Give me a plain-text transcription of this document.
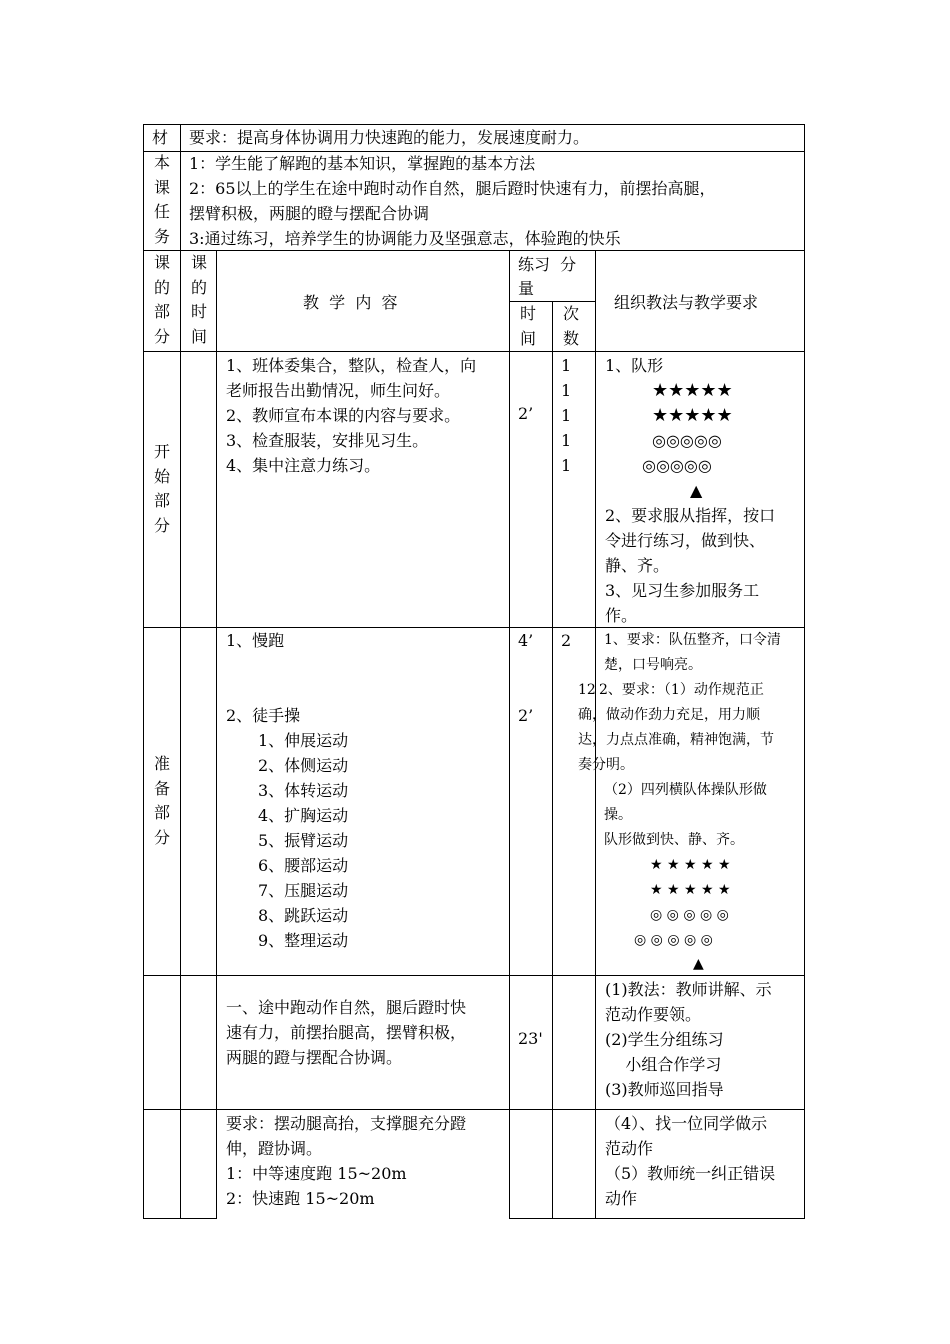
材 要求：提高身体协调用力快速跑的能力，发展速度耐力。
本
课
任
务
1：学生能了解跑的基本知识，掌握跑的基本方法
2：65以上的学生在途中跑时动作自然，腿后蹬时快速有力，前摆抬高腿，
摆臂积极，两腿的瞪与摆配合协调
3:通过练习，培养学生的协调能力及坚强意志，体验跑的快乐
课
的
部
分
课
的
时
间
教  学  内  容
练习  分
量
时
间
次
数
组织教法与教学要求
开
始
部
分
1、班体委集合，整队，检查人，向
老师报告出勤情况，师生问好。
2、教师宣布本课的内容与要求。
3、检查服装，安排见习生。
4、集中注意力练习。
2’
1
1
1
1
1
1、队形
★★★★★
★★★★★
◎◎◎◎◎
◎◎◎◎◎
▲
2、要求服从指挥，按口
令进行练习，做到快、
静、齐。
3、见习生参加服务工
作。
准
备
部
分
1、慢跑
2、徒手操
1、伸展运动
2、体侧运动
3、体转运动
4、扩胸运动
5、振臂运动
6、腰部运动
7、压腿运动
8、跳跃运动
9、整理运动
4’
2’
2
12
1、要求：队伍整齐，口令清
楚，口号响亮。
2、要求：（1）动作规范正
确，做动作劲力充足，用力顺
达，力点点准确，精神饱满，节
奏分明。
（2）四列横队体操队形做
操。
队形做到快、静、齐。
★ ★ ★ ★ ★
★ ★ ★ ★ ★
◎ ◎ ◎ ◎ ◎
◎ ◎ ◎ ◎ ◎
▲
一、途中跑动作自然，腿后蹬时快
速有力，前摆抬腿高，摆臂积极，
两腿的蹬与摆配合协调。
23'
(1)教法：教师讲解、示
范动作要领。
(2)学生分组练习
小组合作学习
(3)教师巡回指导
要求：摆动腿高抬，支撑腿充分蹬
伸，蹬协调。
1：中等速度跑 15~20m
2：快速跑 15~20m
（4）、找一位同学做示
范动作
（5）教师统一纠正错误
动作
